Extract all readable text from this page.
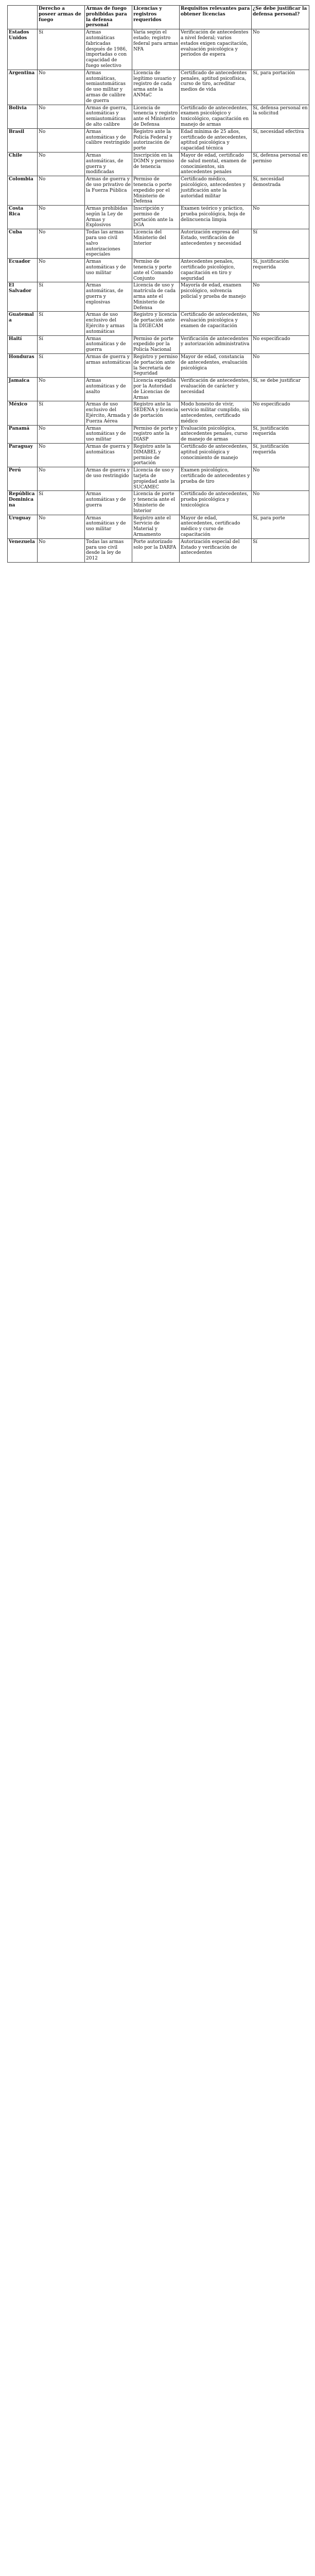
	Derecho a poseer armas de fuego	Armas de fuego prohibidas para la defensa personal	Licencias y registros requeridos	Requisitos relevantes para obtener licencias	¿Se debe justificar la defensa personal?
Estados Unidos	Sí	Armas automáticas fabricadas después de 1986, importadas o con capacidad de fuego selectivo	Varía según el estado; registro federal para armas NFA	Verificación de antecedentes a nivel federal; varios estados exigen capacitación, evaluación psicológica y periodos de espera	No
Argentina	No	Armas automáticas, semiautomáticas de uso militar y armas de calibre de guerra	Licencia de legítimo usuario y registro de cada arma ante la ANMaC	Certificado de antecedentes penales, aptitud psicofísica, curso de tiro, acreditar medios de vida	Sí, para portación
Bolivia	No	Armas de guerra, automáticas y semiautomáticas de alto calibre	Licencia de tenencia y registro ante el Ministerio de Defensa	Certificado de antecedentes, examen psicológico y toxicológico, capacitación en manejo de armas	Sí, defensa personal en la solicitud
Brasil	No	Armas automáticas y de calibre restringido	Registro ante la Policía Federal y autorización de porte	Edad mínima de 25 años, certificado de antecedentes, aptitud psicológica y capacidad técnica	Sí, necesidad efectiva
Chile	No	Armas automáticas, de guerra y modificadas	Inscripción en la DGMN y permiso de tenencia	Mayor de edad, certificado de salud mental, examen de conocimientos, sin antecedentes penales	Sí, defensa personal en permiso
Colombia	No	Armas de guerra y de uso privativo de la Fuerza Pública	Permiso de tenencia o porte expedido por el Ministerio de Defensa	Certificado médico, psicológico, antecedentes y justificación ante la autoridad militar	Sí, necesidad demostrada
Costa Rica	No	Armas prohibidas según la Ley de Armas y Explosivos	Inscripción y permiso de portación ante la DGA	Examen teórico y práctico, prueba psicológica, hoja de delincuencia limpia	No
Cuba	No	Todas las armas para uso civil salvo autorizaciones especiales	Licencia del Ministerio del Interior	Autorización expresa del Estado, verificación de antecedentes y necesidad	Sí
Ecuador	No	Armas automáticas y de uso militar	Permiso de tenencia y porte ante el Comando Conjunto	Antecedentes penales, certificado psicológico, capacitación en tiro y seguridad	Sí, justificación requerida
El Salvador	Sí	Armas automáticas, de guerra y explosivas	Licencia de uso y matrícula de cada arma ante el Ministerio de Defensa	Mayoría de edad, examen psicológico, solvencia policial y prueba de manejo	No
Guatemala	Sí	Armas de uso exclusivo del Ejército y armas automáticas	Registro y licencia de portación ante la DIGECAM	Certificado de antecedentes, evaluación psicológica y examen de capacitación	No
Haití	Sí	Armas automáticas y de guerra	Permiso de porte expedido por la Policía Nacional	Verificación de antecedentes y autorización administrativa	No especificado
Honduras	Sí	Armas de guerra y armas automáticas	Registro y permiso de portación ante la Secretaría de Seguridad	Mayor de edad, constancia de antecedentes, evaluación psicológica	No
Jamaica	No	Armas automáticas y de asalto	Licencia expedida por la Autoridad de Licencias de Armas	Verificación de antecedentes, evaluación de carácter y necesidad	Sí, se debe justificar
México	Sí	Armas de uso exclusivo del Ejército, Armada y Fuerza Aérea	Registro ante la SEDENA y licencia de portación	Modo honesto de vivir, servicio militar cumplido, sin antecedentes, certificado médico	No especificado
Panamá	No	Armas automáticas y de uso militar	Permiso de porte y registro ante la DIASP	Evaluación psicológica, antecedentes penales, curso de manejo de armas	Sí, justificación requerida
Paraguay	No	Armas de guerra y automáticas	Registro ante la DIMABEL y permiso de portación	Certificado de antecedentes, aptitud psicológica y conocimiento de manejo	Sí, justificación requerida
Perú	No	Armas de guerra y de uso restringido	Licencia de uso y tarjeta de propiedad ante la SUCAMEC	Examen psicológico, certificado de antecedentes y prueba de tiro	No
República Dominicana	Sí	Armas automáticas y de guerra	Licencia de porte y tenencia ante el Ministerio de Interior	Certificado de antecedentes, prueba psicológica y toxicológica	No
Uruguay	No	Armas automáticas y de uso militar	Registro ante el Servicio de Material y Armamento	Mayor de edad, antecedentes, certificado médico y curso de capacitación	Sí, para porte
Venezuela	No	Todas las armas para uso civil desde la ley de 2012	Porte autorizado solo por la DARFA	Autorización especial del Estado y verificación de antecedentes	Sí
